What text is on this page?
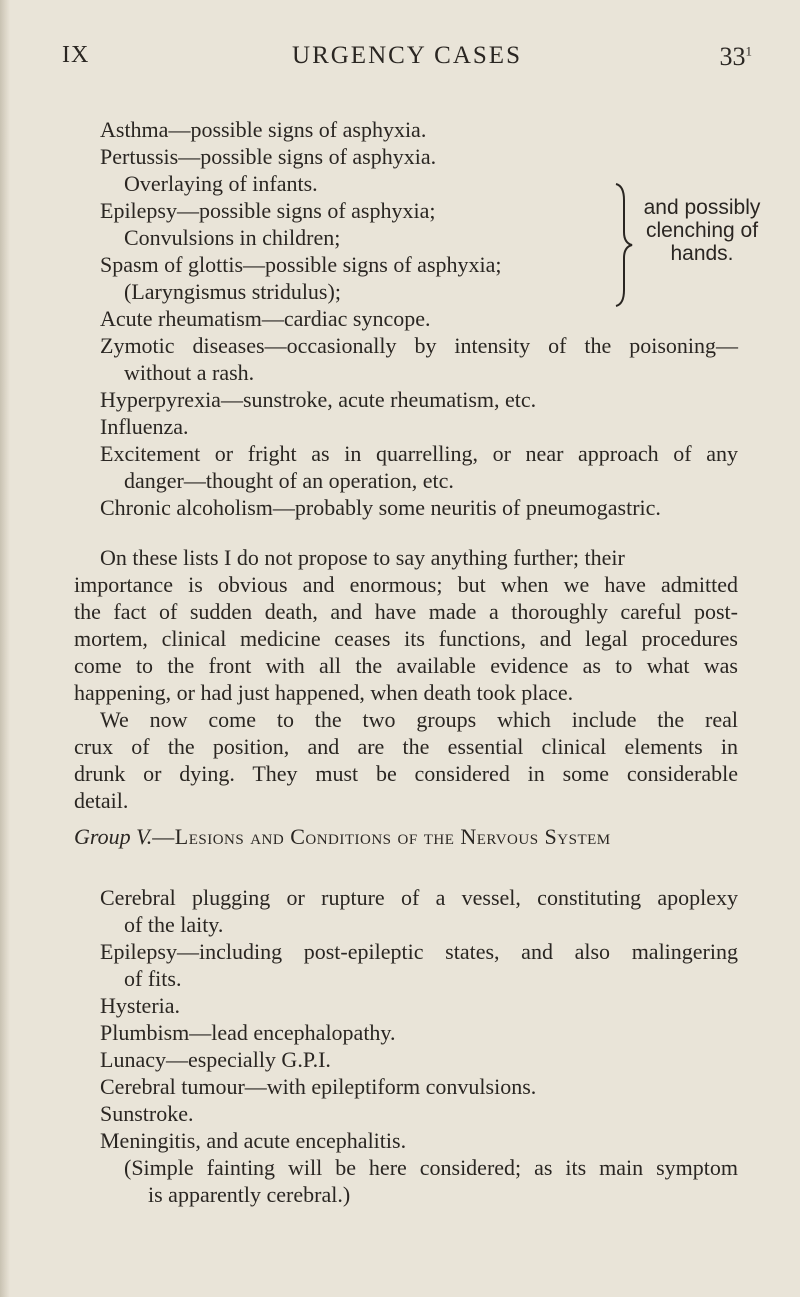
IX	URGENCY CASES	$33^1$
Asthma—possible signs of asphyxia.
Pertussis—possible signs of asphyxia.
Overlaying of infants.
Epilepsy—possible signs of asphyxia;
Convulsions in children;
Spasm of glottis—possible signs of asphyxia;
(Laryngismus stridulus);
Acute rheumatism—cardiac syncope.
Zymotic diseases—occasionally by intensity of the poisoning—
without a rash.
Hyperpyrexia—sunstroke, acute rheumatism, etc.
Influenza.
Excitement or fright as in quarrelling, or near approach of any
danger—thought of an operation, etc.
Chronic alcoholism—probably some neuritis of pneumogastric.
and possibly
clenching of
hands.
On these lists I do not propose to say anything further; their
importance is obvious and enormous; but when we have admitted
the fact of sudden death, and have made a thoroughly careful post-
mortem, clinical medicine ceases its functions, and legal procedures
come to the front with all the available evidence as to what was
happening, or had just happened, when death took place.
We now come to the two groups which include the real
crux of the position, and are the essential clinical elements in
drunk or dying. They must be considered in some considerable
detail.
Group V.—Lesions and Conditions of the Nervous System
Cerebral plugging or rupture of a vessel, constituting apoplexy
of the laity.
Epilepsy—including post-epileptic states, and also malingering
of fits.
Hysteria.
Plumbism—lead encephalopathy.
Lunacy—especially G.P.I.
Cerebral tumour—with epileptiform convulsions.
Sunstroke.
Meningitis, and acute encephalitis.
(Simple fainting will be here considered; as its main symptom
is apparently cerebral.)
